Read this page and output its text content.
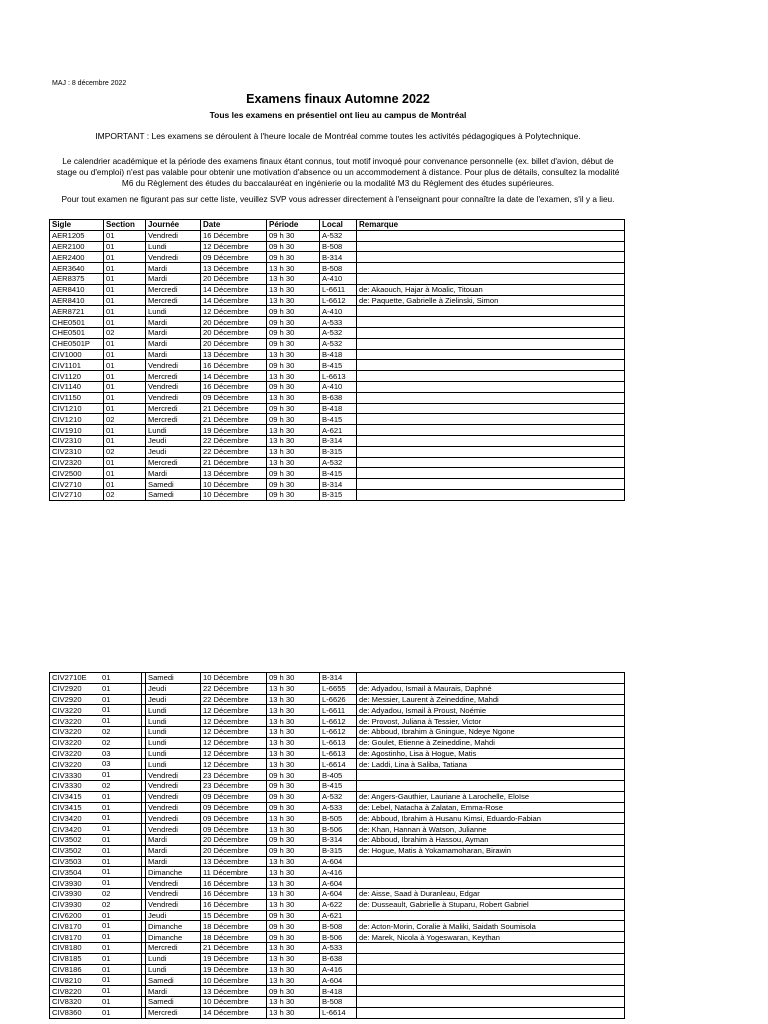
MAJ : 8 décembre 2022
Examens finaux Automne 2022
Tous les examens en présentiel ont lieu au campus de Montréal
IMPORTANT : Les examens se déroulent à l'heure locale de Montréal comme toutes les activités pédagogiques à Polytechnique.
Le calendrier académique et la période des examens finaux étant connus, tout motif invoqué pour convenance personnelle (ex. billet d'avion, début de stage ou d'emploi) n'est pas valable pour obtenir une motivation d'absence ou un accommodement à distance. Pour plus de détails, consultez la modalité M6 du Règlement des études du baccalauréat en ingénierie ou la modalité M3 du Règlement des études supérieures.
Pour tout examen ne figurant pas sur cette liste, veuillez SVP vous adresser directement à l'enseignant pour connaître la date de l'examen, s'il y a lieu.
Sigle	Section	Journée	Date	Période	Local	Remarque
AER1205	01	Vendredi	16 Décembre	09 h 30	A-532	
AER2100	01	Lundi	12 Décembre	09 h 30	B-508	
AER2400	01	Vendredi	09 Décembre	09 h 30	B-314	
AER3640	01	Mardi	13 Décembre	13 h 30	B-508	
AER8375	01	Mardi	20 Décembre	13 h 30	A-410	
AER8410	01	Mercredi	14 Décembre	13 h 30	L-6611	de: Akaouch, Hajar à Moalic, Titouan
AER8410	01	Mercredi	14 Décembre	13 h 30	L-6612	de: Paquette, Gabrielle à Zielinski, Simon
AER8721	01	Lundi	12 Décembre	09 h 30	A-410	
CHE0501	01	Mardi	20 Décembre	09 h 30	A-533	
CHE0501	02	Mardi	20 Décembre	09 h 30	A-532	
CHE0501P	01	Mardi	20 Décembre	09 h 30	A-532	
CIV1000	01	Mardi	13 Décembre	13 h 30	B-418	
CIV1101	01	Vendredi	16 Décembre	09 h 30	B-415	
CIV1120	01	Mercredi	14 Décembre	13 h 30	L-6613	
CIV1140	01	Vendredi	16 Décembre	09 h 30	A-410	
CIV1150	01	Vendredi	09 Décembre	13 h 30	B-638	
CIV1210	01	Mercredi	21 Décembre	09 h 30	B-418	
CIV1210	02	Mercredi	21 Décembre	09 h 30	B-415	
CIV1910	01	Lundi	19 Décembre	13 h 30	A-621	
CIV2310	01	Jeudi	22 Décembre	13 h 30	B-314	
CIV2310	02	Jeudi	22 Décembre	13 h 30	B-315	
CIV2320	01	Mercredi	21 Décembre	13 h 30	A-532	
CIV2500	01	Mardi	13 Décembre	09 h 30	B-415	
CIV2710	01	Samedi	10 Décembre	09 h 30	B-314	
CIV2710	02	Samedi	10 Décembre	09 h 30	B-315	
CIV2710E 01		Samedi	10 Décembre	09 h 30	B-314	
CIV2920 01		Jeudi	22 Décembre	13 h 30	L-6655	de: Adyadou, Ismail à Maurais, Daphné
CIV2920 01		Jeudi	22 Décembre	13 h 30	L-6626	de: Messier, Laurent à Zeineddine, Mahdi
CIV3220 01		Lundi	12 Décembre	13 h 30	L-6611	de: Adyadou, Ismail à Proust, Noémie
CIV3220 01		Lundi	12 Décembre	13 h 30	L-6612	de: Provost, Juliana à Tessier, Victor
CIV3220 02		Lundi	12 Décembre	13 h 30	L-6612	de: Abboud, Ibrahim à Gningue, Ndeye Ngone
CIV3220 02		Lundi	12 Décembre	13 h 30	L-6613	de: Goulet, Etienne à Zeineddine, Mahdi
CIV3220 03		Lundi	12 Décembre	13 h 30	L-6613	de: Agostinho, Lisa à Hogue, Matis
CIV3220 03		Lundi	12 Décembre	13 h 30	L-6614	de: Laddi, Lina à Saliba, Tatiana
CIV3330 01		Vendredi	23 Décembre	09 h 30	B-405	
CIV3330 02		Vendredi	23 Décembre	09 h 30	B-415	
CIV3415 01		Vendredi	09 Décembre	09 h 30	A-532	de: Angers-Gauthier, Lauriane à Larochelle, Eloïse
CIV3415 01		Vendredi	09 Décembre	09 h 30	A-533	de: Lebel, Natacha à Zalatan, Emma-Rose
CIV3420 01		Vendredi	09 Décembre	13 h 30	B-505	de: Abboud, Ibrahim à Husanu Kimsi, Eduardo-Fabian
CIV3420 01		Vendredi	09 Décembre	13 h 30	B-506	de: Khan, Hannan à Watson, Julianne
CIV3502 01		Mardi	20 Décembre	09 h 30	B-314	de: Abboud, Ibrahim à Hassou, Ayman
CIV3502 01		Mardi	20 Décembre	09 h 30	B-315	de: Hogue, Matis à Yokamamoharan, Birawin
CIV3503 01		Mardi	13 Décembre	13 h 30	A-604	
CIV3504 01		Dimanche	11 Décembre	13 h 30	A-416	
CIV3930 01		Vendredi	16 Décembre	13 h 30	A-604	
CIV3930 02		Vendredi	16 Décembre	13 h 30	A-604	de: Aisse, Saad à Duranleau, Edgar
CIV3930 02		Vendredi	16 Décembre	13 h 30	A-622	de: Dusseault, Gabrielle à Stuparu, Robert Gabriel
CIV6200 01		Jeudi	15 Décembre	09 h 30	A-621	
CIV8170 01		Dimanche	18 Décembre	09 h 30	B-508	de: Acton-Morin, Coralie à Maliki, Saidath Soumisola
CIV8170 01		Dimanche	18 Décembre	09 h 30	B-506	de: Marek, Nicola à Yogeswaran, Keythan
CIV8180 01		Mercredi	21 Décembre	13 h 30	A-533	
CIV8185 01		Lundi	19 Décembre	13 h 30	B-638	
CIV8186 01		Lundi	19 Décembre	13 h 30	A-416	
CIV8210 01		Samedi	10 Décembre	13 h 30	A-604	
CIV8220 01		Mardi	13 Décembre	09 h 30	B-418	
CIV8320 01		Samedi	10 Décembre	13 h 30	B-508	
CIV8360 01		Mercredi	14 Décembre	13 h 30	L-6614	
